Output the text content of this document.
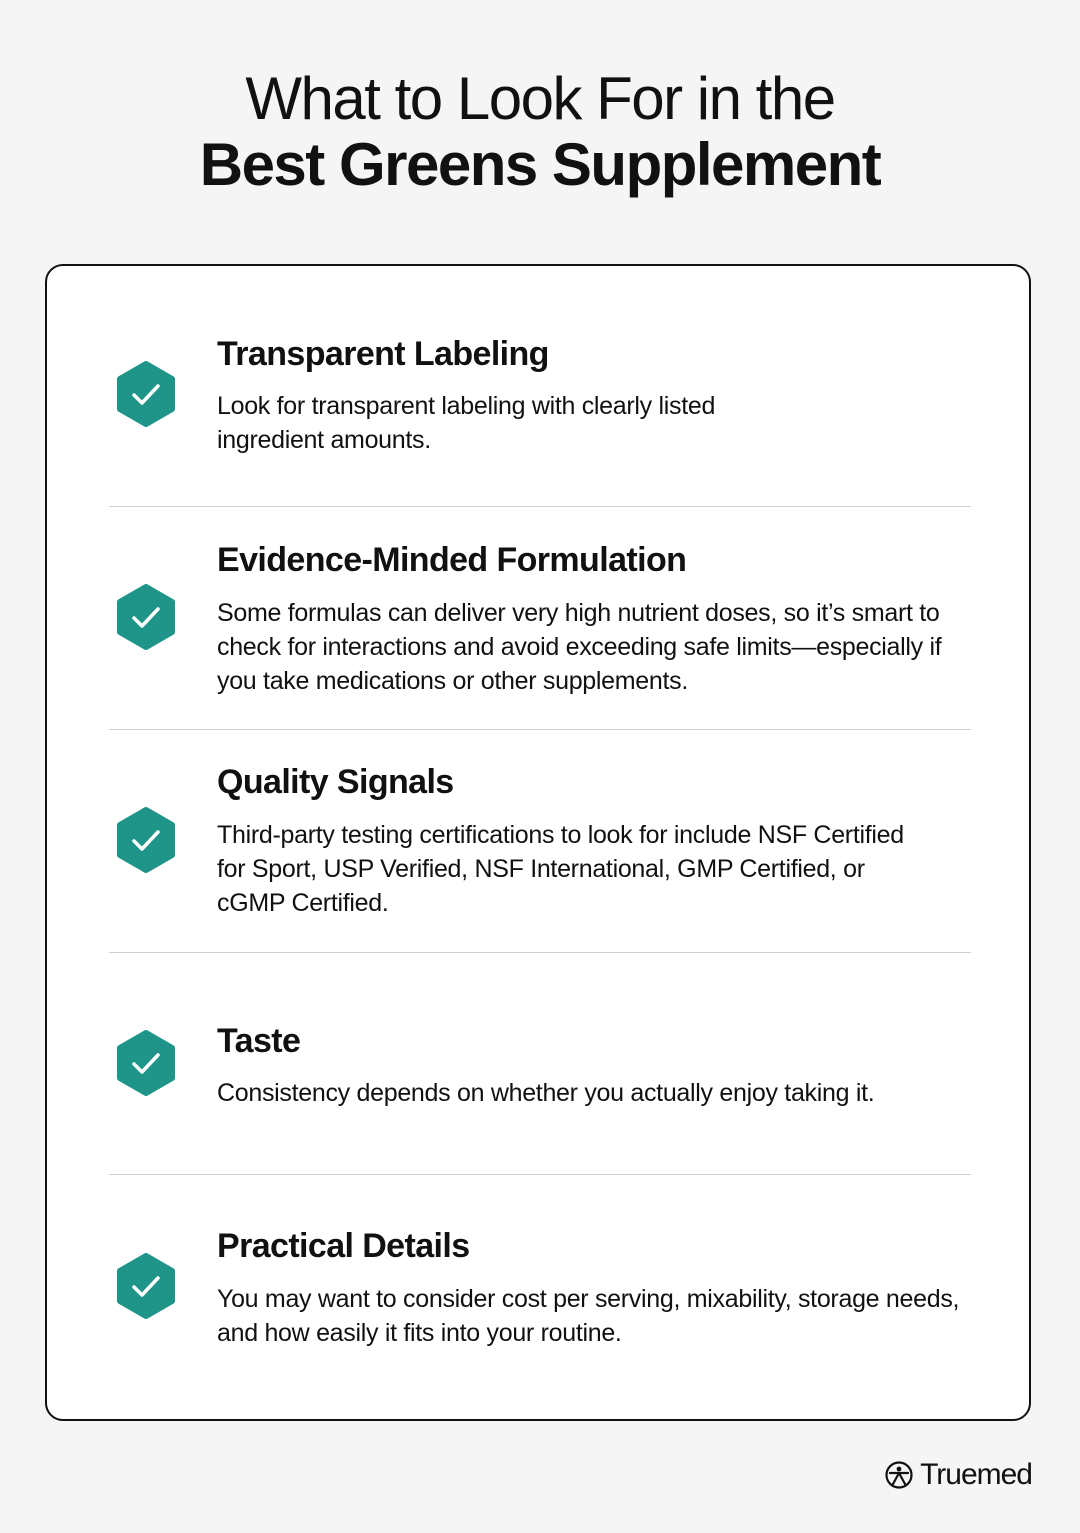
What to Look For in the
Best Greens Supplement
Transparent Labeling
Look for transparent labeling with clearly listed ingredient amounts.
Evidence-Minded Formulation
Some formulas can deliver very high nutrient doses, so it’s smart to check for interactions and avoid exceeding safe limits—especially if you take medications or other supplements.
Quality Signals
Third-party testing certifications to look for include NSF Certified for Sport, USP Verified, NSF International, GMP Certified, or cGMP Certified.
Taste
Consistency depends on whether you actually enjoy taking it.
Practical Details
You may want to consider cost per serving, mixability, storage needs, and how easily it fits into your routine.
Truemed
